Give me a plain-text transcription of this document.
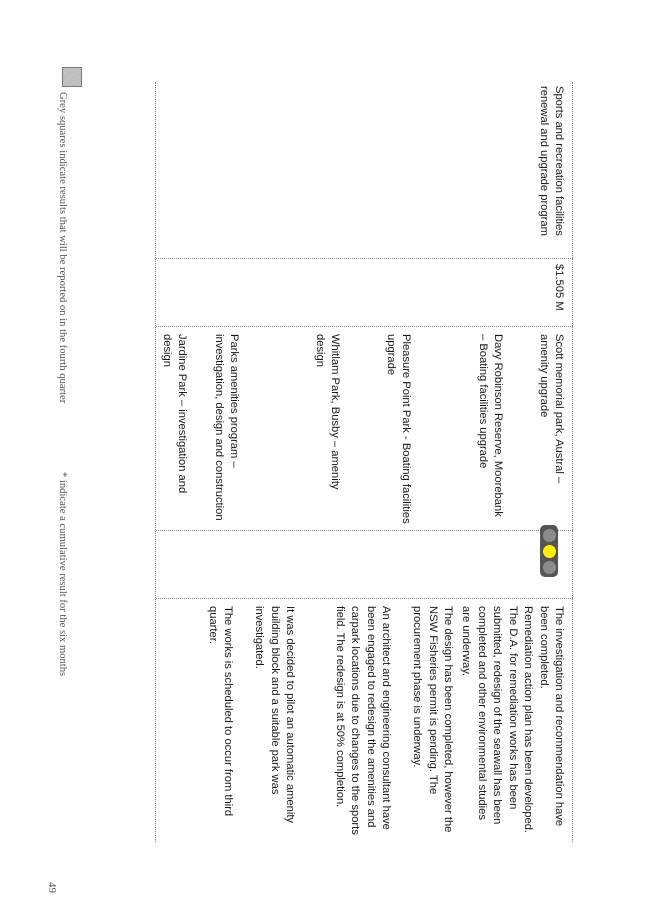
Sports and recreation facilities renewal and upgrade program
$1.505 M
Scott memorial park, Austral – amenity upgrade
Davy Robinson Reserve, Moorebank – Boating facilities upgrade
Pleasure Point Park - Boating facilities upgrade
Whitlam Park, Busby – amenity design
Parks amenities program – investigation, design and construction
Jardine Park – investigation and design
The investigation and recommendation have been completed.
Remediation action plan has been developed. The D.A. for remediation works has been submitted, redesign of the seawall has been completed and other environmental studies are underway.
The design has been completed, however the NSW Fisheries permit is pending. The procurement phase is underway.
An architect and engineering consultant have been engaged to redesign the amenities and carpark locations due to changes to the sports field. The redesign is at 50% completion.
It was decided to pilot an automatic amenity building block and a suitable park was investigated.
The works is scheduled to occur from third quarter.
Grey squares indicate results that will be reported on in the fourth quarter
* indicate a cumulative result for the six months
49
